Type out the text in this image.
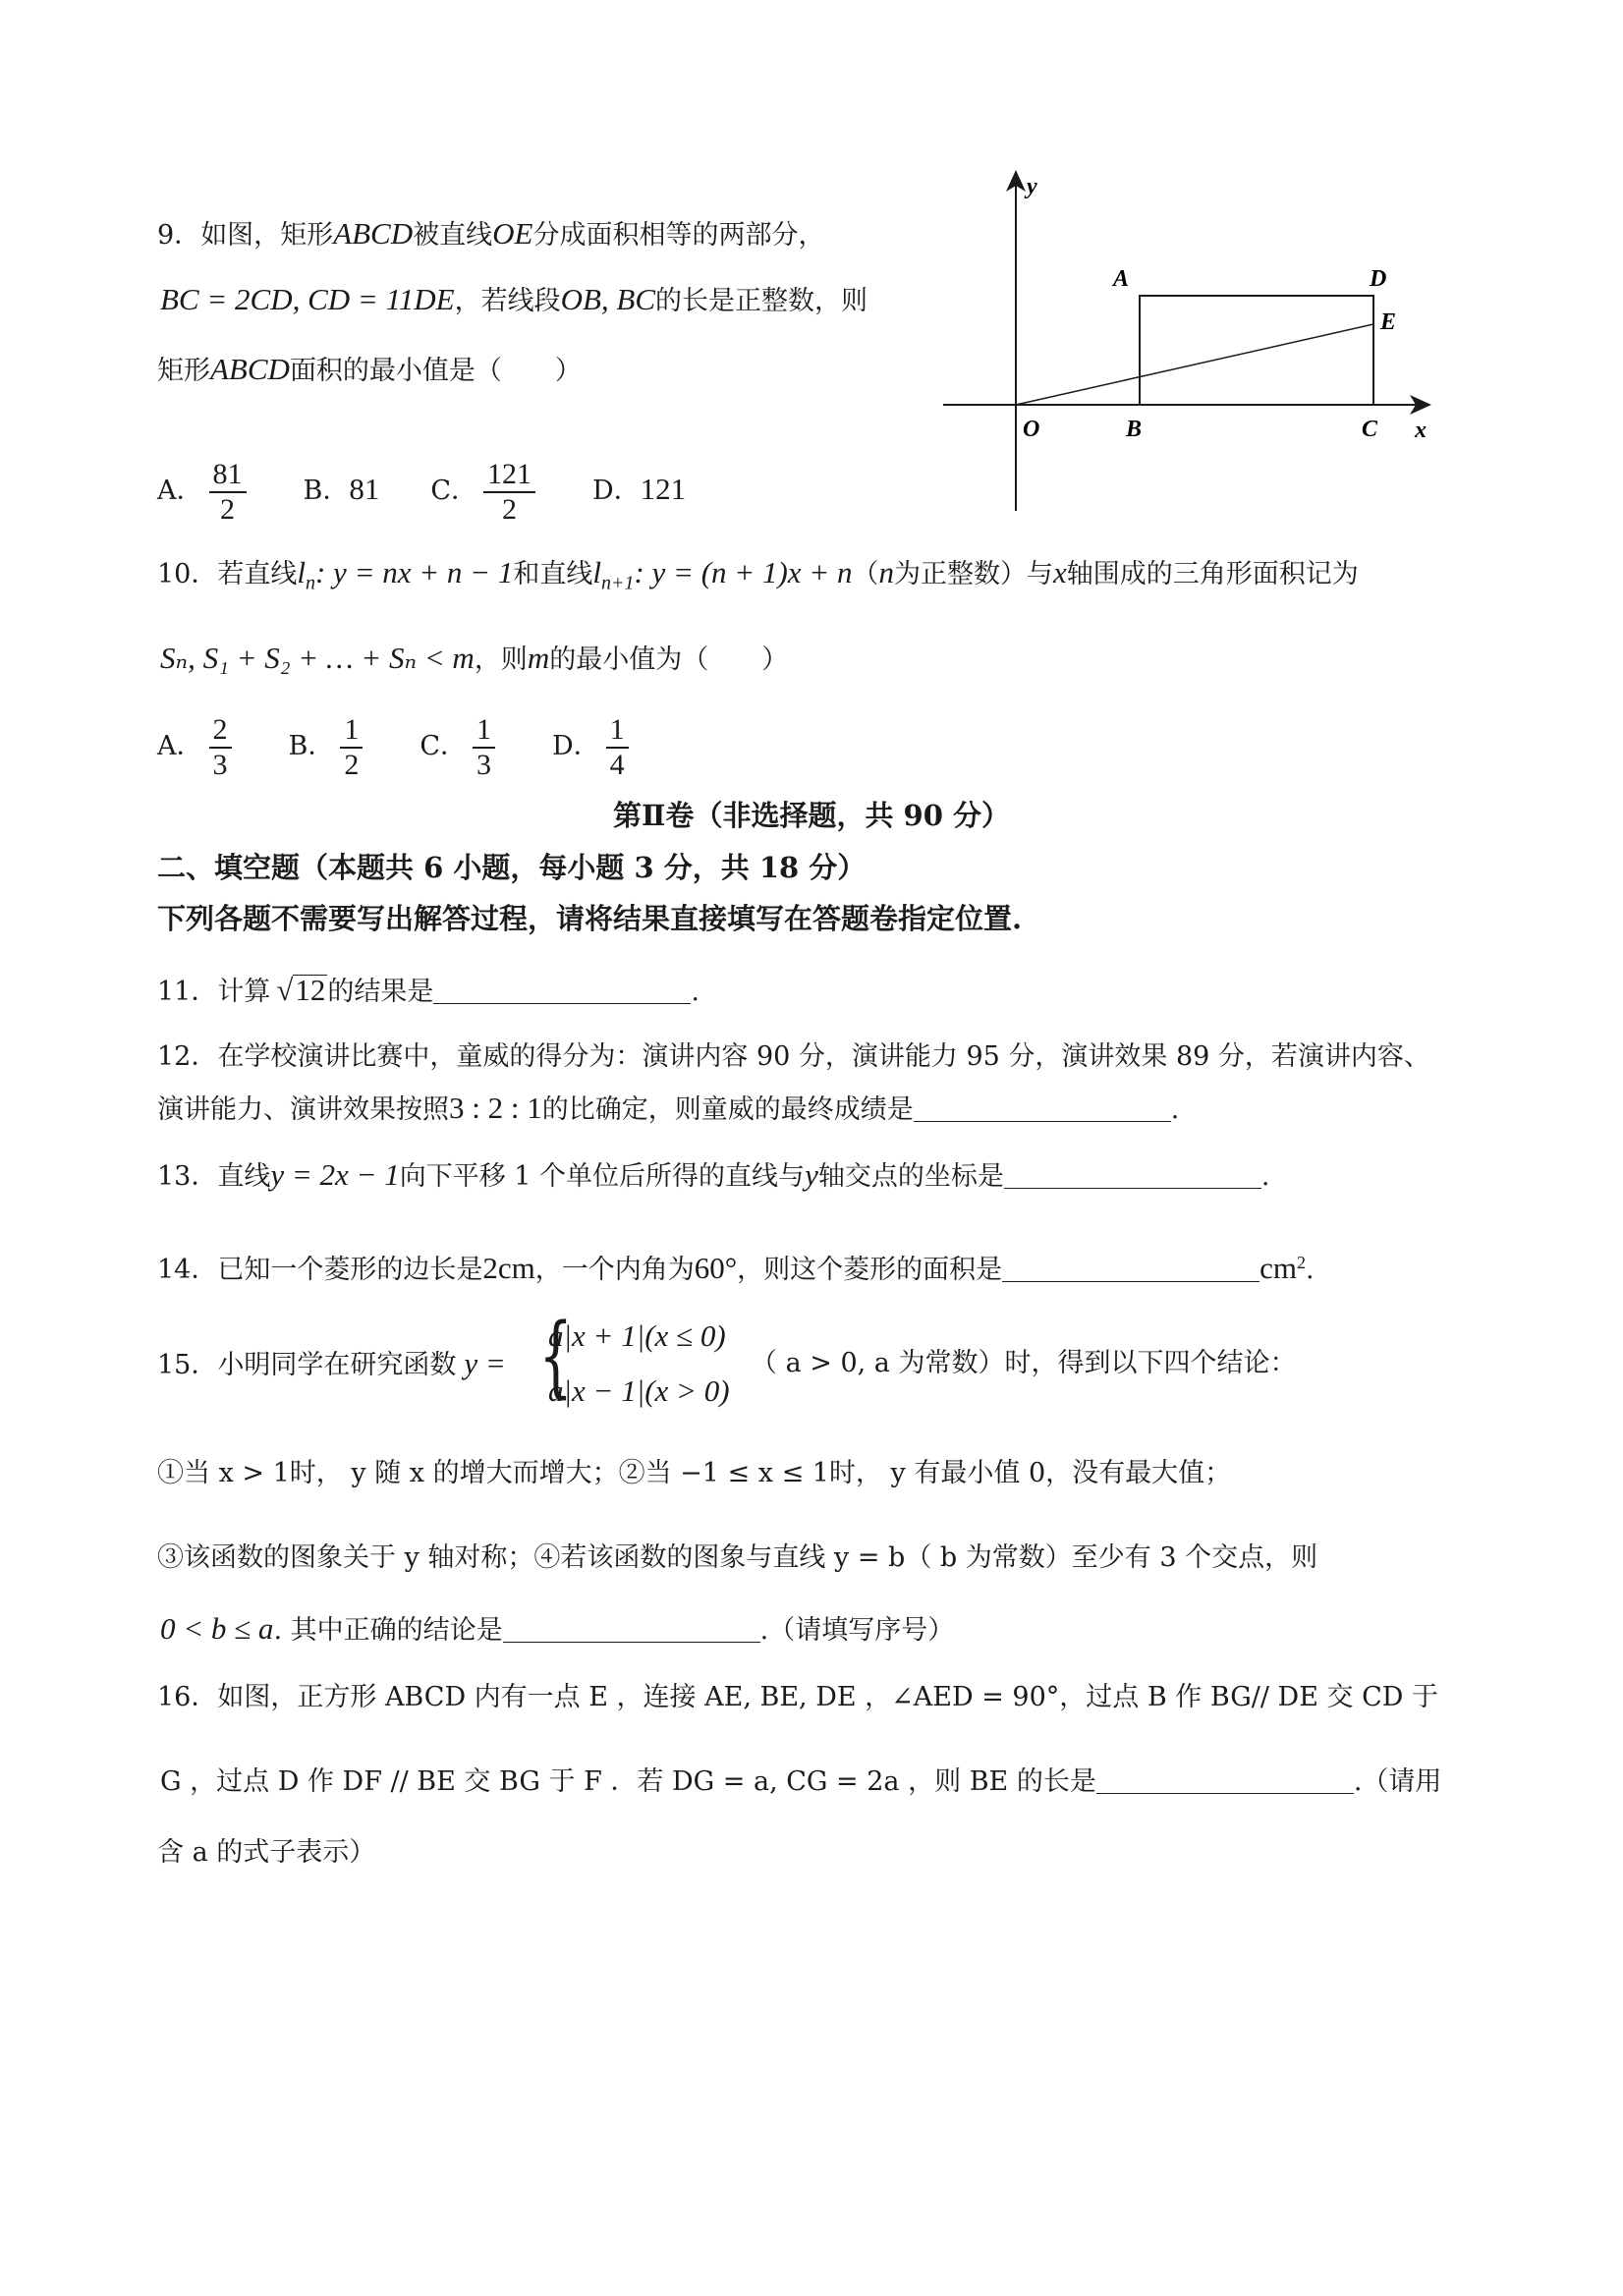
9．如图，矩形ABCD被直线OE分成面积相等的两部分，
BC = 2CD, CD = 11DE，若线段OB, BC的长是正整数，则
矩形ABCD面积的最小值是（　　）
A． $\frac{81}{2}$ B．81 C． $\frac{121}{2}$ D．121
y
x
A	D
E
O	B	C
10．若直线$l_n$: y = nx + n − 1和直线$l_{n+1}$: y = (n + 1)x + n（n为正整数）与x轴围成的三角形面积记为
Sₙ, S₁ + S₂ + … + Sₙ < m，则m的最小值为（　　）
A． $\frac{2}{3}$ B． $\frac{1}{2}$ C． $\frac{1}{3}$ D． $\frac{1}{4}$
第Ⅱ卷（非选择题，共 90 分）
二、填空题（本题共 6 小题，每小题 3 分，共 18 分）
下列各题不需要写出解答过程，请将结果直接填写在答题卷指定位置.
11．计算 √12的结果是	.
12．在学校演讲比赛中，童威的得分为：演讲内容 90 分，演讲能力 95 分，演讲效果 89 分，若演讲内容、
演讲能力、演讲效果按照3 : 2 : 1的比确定，则童威的最终成绩是	.
13．直线y = 2x − 1向下平移 1 个单位后所得的直线与y轴交点的坐标是	.
14．已知一个菱形的边长是2cm，一个内角为60°，则这个菱形的面积是	$cm^2$.
15．小明同学在研究函数 y = {
a|x + 1|(x ≤ 0)
a|x − 1|(x > 0)
（ a > 0, a 为常数）时，得到以下四个结论：
①当 x > 1时， y 随 x 的增大而增大；②当 −1 ≤ x ≤ 1时， y 有最小值 0，没有最大值；
③该函数的图象关于 y 轴对称；④若该函数的图象与直线 y = b（ b 为常数）至少有 3 个交点，则
0 < b ≤ a. 其中正确的结论是	.（请填写序号）
16．如图，正方形 ABCD 内有一点 E ，连接 AE, BE, DE ，∠AED = 90°，过点 B 作 BG// DE 交 CD 于
G ，过点 D 作 DF // BE 交 BG 于 F ．若 DG = a, CG = 2a ，则 BE 的长是	.（请用
含 a 的式子表示）
